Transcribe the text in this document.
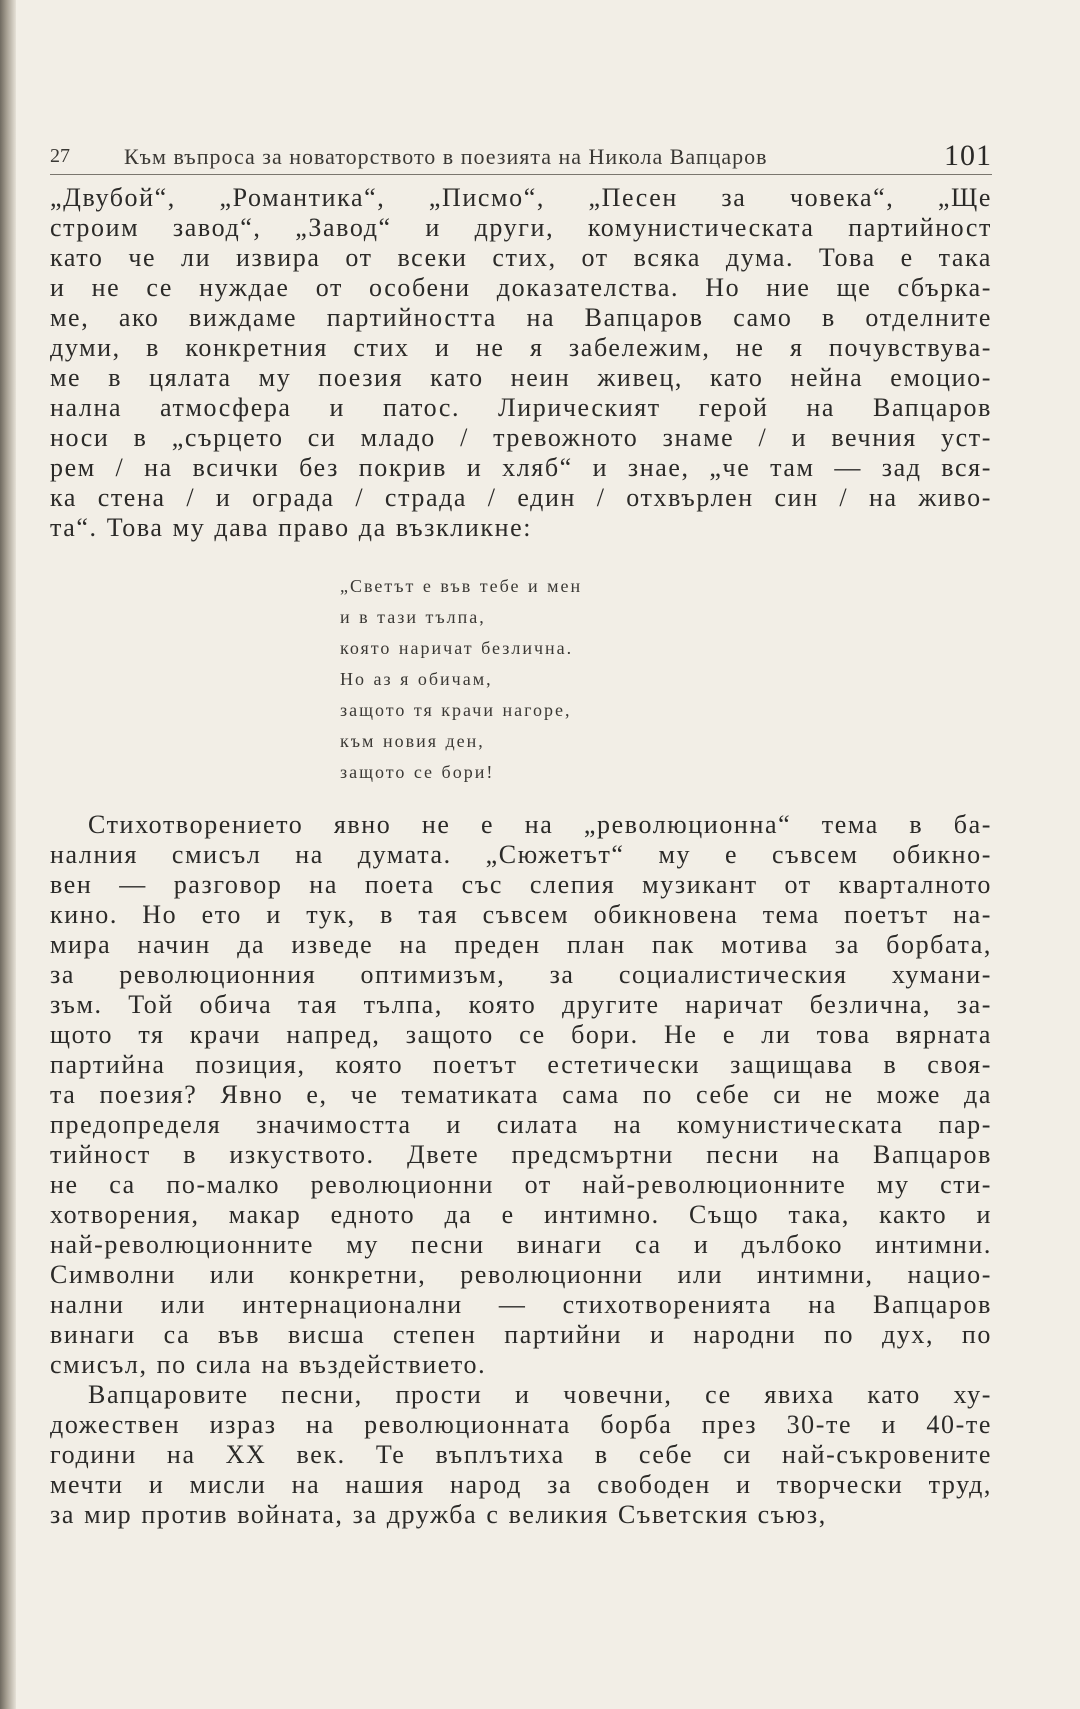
27 Към въпроса за новаторството в поезията на Никола Вапцаров	101

„Двубой“, „Романтика“, „Писмо“, „Песен за човека“, „Ще
строим завод“, „Завод“ и други, комунистическата партийност
като че ли извира от всеки стих, от всяка дума. Това е така
и не се нуждае от особени доказателства. Но ние ще сбърка-
ме, ако виждаме партийността на Вапцаров само в отделните
думи, в конкретния стих и не я забележим, не я почувствува-
ме в цялата му поезия като неин живец, като нейна емоцио-
нална атмосфера и патос. Лирическият герой на Вапцаров
носи в „сърцето си младо / тревожното знаме / и вечния уст-
рем / на всички без покрив и хляб“ и знае, „че там — зад вся-
ка стена / и ограда / страда / един / отхвърлен син / на живо-
та“. Това му дава право да възкликне:

„Светът е във тебе и мен
и в тази тълпа,
която наричат безлична.
Но аз я обичам,
защото тя крачи нагоре,
към новия ден,
защото се бори!

Стихотворението явно не е на „революционна“ тема в ба-
налния смисъл на думата. „Сюжетът“ му е съвсем обикно-
вен — разговор на поета със слепия музикант от кварталното
кино. Но ето и тук, в тая съвсем обикновена тема поетът на-
мира начин да изведе на преден план пак мотива за борбата,
за революционния оптимизъм, за социалистическия хумани-
зъм. Той обича тая тълпа, която другите наричат безлична, за-
щото тя крачи напред, защото се бори. Не е ли това вярната
партийна позиция, която поетът естетически защищава в своя-
та поезия? Явно е, че тематиката сама по себе си не може да
предопределя значимостта и силата на комунистическата пар-
тийност в изкуството. Двете предсмъртни песни на Вапцаров
не са по-малко революционни от най-революционните му сти-
хотворения, макар едното да е интимно. Също така, както и
най-революционните му песни винаги са и дълбоко интимни.
Символни или конкретни, революционни или интимни, нацио-
нални или интернационални — стихотворенията на Вапцаров
винаги са във висша степен партийни и народни по дух, по
смисъл, по сила на въздействието.

Вапцаровите песни, прости и човечни, се явиха като ху-
дожествен израз на революционната борба през 30-те и 40-те
години на XX век. Те въплътиха в себе си най-съкровените
мечти и мисли на нашия народ за свободен и творчески труд,
за мир против войната, за дружба с великия Съветския съюз,
